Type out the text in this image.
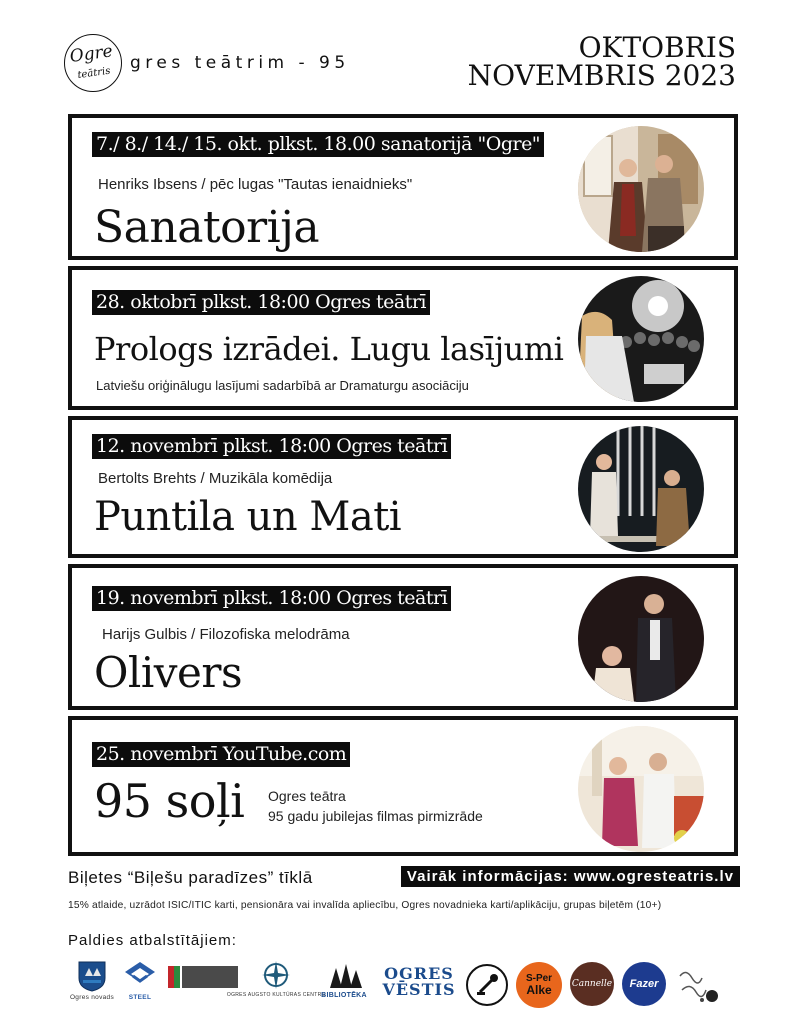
Ogre
teātris
gres teātrim - 95	OKTOBRIS
NOVEMBRIS 2023
7./ 8./ 14./ 15. okt. plkst. 18.00 sanatorijā "Ogre"
Henriks Ibsens / pēc lugas "Tautas ienaidnieks"
Sanatorija
28. oktobrī plkst. 18:00 Ogres teātrī
Prologs izrādei. Lugu lasījumi
Latviešu oriģinālugu lasījumi sadarbībā ar Dramaturgu asociāciju
12. novembrī plkst. 18:00 Ogres teātrī
Bertolts Brehts / Muzikāla komēdija
Puntila un Mati
19. novembrī plkst. 18:00 Ogres teātrī
Harijs Gulbis / Filozofiska melodrāma
Olivers
25. novembrī YouTube.com
95 soļi Ogres teātra
95 gadu jubilejas filmas pirmizrāde
Biļetes “Biļešu paradīzes” tīklā	Vairāk informācijas: www.ogresteatris.lv
15% atlaide, uzrādot ISIC/ITIC karti, pensionāra vai invalīda apliecību, Ogres novadnieka karti/aplikāciju, grupas biļetēm (10+)
Paldies atbalstītājiem:
Ogres novads STEEL	OGRES AUGSTO KULTŪRAS CENTRS
BIBLIOTĒKA
OGRES
VĒSTIS
S-Per
Alke Cannelle Fazer
